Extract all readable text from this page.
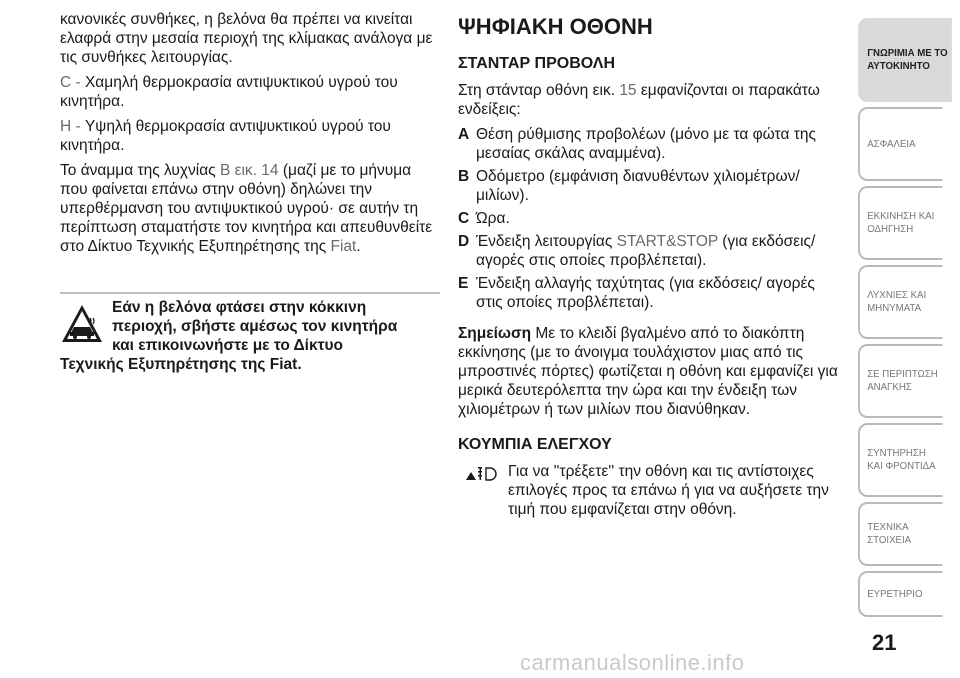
κανονικές συνθήκες, η βελόνα θα πρέπει να κινείται ελαφρά στην μεσαία περιοχή της κλίμακας ανάλογα με τις συνθήκες λειτουργίας.

C - Χαμηλή θερμοκρασία αντιψυκτικού υγρού του κινητήρα.

H - Υψηλή θερμοκρασία αντιψυκτικού υγρού του κινητήρα.

Το άναμμα της λυχνίας B εικ. 14 (μαζί με το μήνυμα που φαίνεται επάνω στην οθόνη) δηλώνει την υπερθέρμανση του αντιψυκτικού υγρού· σε αυτήν τη περίπτωση σταματήστε τον κινητήρα και απευθυνθείτε στο Δίκτυο Τεχνικής Εξυπηρέτησης της Fiat.

Εάν η βελόνα φτάσει στην κόκκινη
περιοχή, σβήστε αμέσως τον κινητήρα
και επικοινωνήστε με το Δίκτυο
Τεχνικής Εξυπηρέτησης της Fiat.
ΨΗΦΙΑΚΗ ΟΘΟΝΗ
ΣΤΑΝΤΑΡ ΠΡΟΒΟΛΗ

Στη στάνταρ οθόνη εικ. 15 εμφανίζονται οι παρακάτω ενδείξεις:

A Θέση ρύθμισης προβολέων (μόνο με τα φώτα της μεσαίας σκάλας αναμμένα).
B Οδόμετρο (εμφάνιση διανυθέντων χιλιομέτρων/ μιλίων).
C Ώρα.
D Ένδειξη λειτουργίας START&STOP (για εκδόσεις/αγορές στις οποίες προβλέπεται).
E Ένδειξη αλλαγής ταχύτητας (για εκδόσεις/ αγορές στις οποίες προβλέπεται).

Σημείωση Με το κλειδί βγαλμένο από το διακόπτη εκκίνησης (με το άνοιγμα τουλάχιστον μιας από τις μπροστινές πόρτες) φωτίζεται η οθόνη και εμφανίζει για μερικά δευτερόλεπτα την ώρα και την ένδειξη των χιλιομέτρων ή των μιλίων που διανύθηκαν.

ΚΟΥΜΠΙΑ ΕΛΕΓΧΟΥ
Για να ''τρέξετε'' την οθόνη και τις αντίστοιχες επιλογές προς τα επάνω ή για να αυξήσετε την τιμή που εμφανίζεται στην οθόνη.
ΓΝΩΡΙΜΙΑ ΜΕ ΤΟ ΑΥΤΟΚΙΝΗΤΟ
ΑΣΦΑΛΕΙΑ
ΕΚΚΙΝΗΣΗ ΚΑΙ ΟΔΗΓΗΣΗ
ΛΥΧΝΙΕΣ ΚΑΙ ΜΗΝΥΜΑΤΑ
ΣΕ ΠΕΡΙΠΤΩΣΗ ΑΝΑΓΚΗΣ
ΣΥΝΤΗΡΗΣΗ ΚΑΙ ΦΡΟΝΤΙΔΑ
ΤΕΧΝΙΚΑ ΣΤΟΙΧΕΙΑ
ΕΥΡΕΤΗΡΙΟ
21
carmanualsonline.info
